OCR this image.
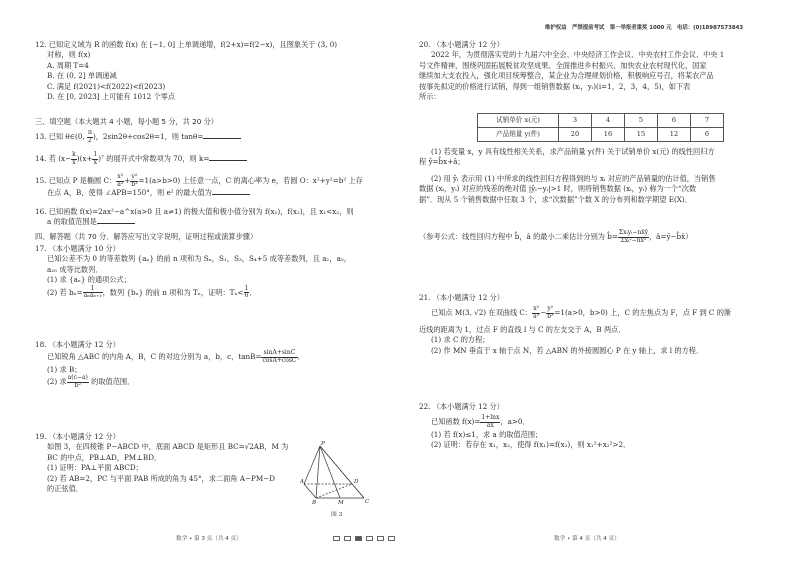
12. 已知定义域为 R 的函数 f(x) 在 [−1, 0] 上单调递增，f(2+x)=f(2−x)，且图象关于 (3, 0)
对称，则 f(x)
A. 周期 T=4
B. 在 (0, 2] 单调递减
C. 满足 f(2021)<f(2022)<f(2023)
D. 在 [0, 2023] 上可能有 1012 个零点
三、填空题（本大题共 4 小题，每小题 5 分，共 20 分）
13. 已知 θ∈(0, $\frac{\pi}{2}$ )，2sin2θ+cos2θ=1，则 tanθ=
14. 若 $(x- \frac{k}{x} )(x+ \frac{1}{x} )^7$ 的展开式中常数项为 70，则 k=
15. 已知点 P 是椭圆 C： $\frac{\text{x²}}{\text{a²}} + \frac{\text{y²}}{\text{b²}} =1(a>b>0)$ 上任意一点，C 的离心率为 e，若圆 O：x²+y²=b² 上存
在点 A，B，使得 ∠APB=150°，则 e² 的最大值为
16. 已知函数 f(x)=2ax²−a^x(a>0 且 a≠1) 的极大值和极小值分别为 f(x₁)，f(x₂)，且 x₁<x₂，则
a 的取值范围是
四、解答题（共 70 分．解答应写出文字说明，证明过程或演算步骤）
17. （本小题满分 10 分）
已知公差不为 0 的等差数列 {aₙ} 的前 n 项和为 Sₙ，S₁，S₃，S₄+5 成等差数列，且 a₁，a₅，
a₂₅ 成等比数列．
(1) 求 {aₙ} 的通项公式；
(2) 若 $b_n= \frac{1}{\text{aₙaₙ₊₁}}$ ，数列 {bₙ} 的前 n 项和为 Tₙ，证明：$T_n< \frac{1}{6}$ ．
18. （本小题满分 12 分）
已知锐角 △ABC 的内角 A，B，C 的对边分别为 a，b，c，$\tan B= \frac{\sin A+\sin C}{\cos A+\cos C}$ ．
(1) 求 B；
(2) 求 $\frac{a(c-a)}{\text{b²}}$ 的取值范围．
19. （本小题满分 12 分）
如图 3，在四棱锥 P−ABCD 中，底面 ABCD 是矩形且 BC=√2AB，M 为
BC 的中点，PB⊥AD，PM⊥BD．
(1) 证明：PA⊥平面 ABCD；
(2) 若 AB=2，PC 与平面 PAB 所成的角为 45°，求二面角 A−PM−D
的正弦值．
P
A
B	C
D
M
图 3
数学 • 第 3 页（共 4 页）
维护权益　严禁提前考试　第一举报者重奖 1000 元　电话：(0)18987573843
20. （本小题满分 12 分）
2022 年，为贯彻落实党的十九届六中全会、中央经济工作会议、中央农村工作会议、中央 1
号文件精神，围绕巩固拓展脱贫攻坚成果、全面推进乡村振兴、加快农业农村现代化，国家
继续加大支农投入，强化项目统筹整合，某企业为合理规划价格，积极响应号召，将某农产品
按事先拟定的价格进行试销，得到一组销售数据 (xᵢ，yᵢ)(i=1，2，3，4，5)，如下表
所示：
试销单价 x(元)	3	4	5	6	7
产品销量 y(件)	20	16	15	12	6
(1) 若变量 x，y 具有线性相关关系，求产品销量 y(件) 关于试销单价 x(元) 的线性回归方
程 ŷ=b̂x+â；
(2) 用 ŷᵢ 表示用 (1) 中所求的线性回归方程得到的与 xᵢ 对应的产品销量的估计值，当销售
数据 (xᵢ，yᵢ) 对应的残差的绝对值 |ŷᵢ−yᵢ|>1 时，则将销售数据 (xᵢ，yᵢ) 称为一个“次数
据”．现从 5 个销售数据中任取 3 个，求“次数据”个数 X 的分布列和数学期望 E(X)．
（参考公式：线性回归方程中 b̂，â 的最小二乘估计分别为 b̂= $\frac{\text{Σxᵢyᵢ−nx̄ȳ}}{\text{Σxᵢ²−nx̄²}}$ ，â=ȳ−b̂x̄）
21. （本小题满分 12 分）
已知点 M(3, √2) 在双曲线 C： $\frac{\text{x²}}{\text{a²}} - \frac{\text{y²}}{\text{b²}} =1(a>0$，b>0) 上，C 的左焦点为 F，点 F 到 C 的渐
近线的距离为 1，过点 F 的直线 l 与 C 的左支交于 A，B 两点．
(1) 求 C 的方程；
(2) 作 MN 垂直于 x 轴于点 N，若 △ABN 的外接圆圆心 P 在 y 轴上，求 l 的方程．
22. （本小题满分 12 分）
已知函数 $f(x)= \frac{1+\ln x}{ax}$ ，a>0．
(1) 若 f(x)≤1，求 a 的取值范围；
(2) 证明：若存在 x₁，x₂，使得 f(x₁)=f(x₂)，则 x₁²+x₂²>2．
数学 • 第 4 页（共 4 页）
